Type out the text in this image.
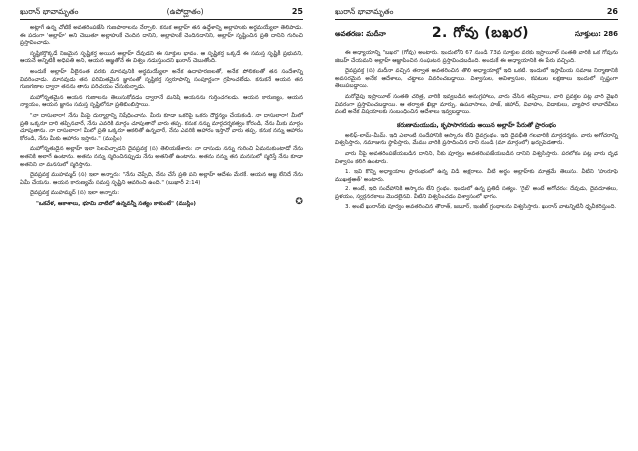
ఖురాన్ భావామృతం	(ఉపోద్ఘాతం)	25

అట్లాగే ఉన్న చోటికే అవతరింపజేసి గుణపాఠాలను నేర్పాలి. కనుక అల్లాహ్ తన ఉద్దేశాన్ని అల్లాహుకు అర్థమయ్యేలా తెలిపాడు. ఈ పదంగా 'అల్లాహ్' అని చెబుతూ అల్లాహుకే చెందిన దానిని, అల్లాహుకే చెందినదానిని, అల్లాహ్ సృష్టించిన ప్రతి దానిని గురించి ప్రస్తావించాడు.

సృష్టికర్తొక్కడే నిజమైన సృష్టికర్త అయిన అల్లాహ్ దేవుడని ఈ సూక్తుల భావం. ఆ సృష్టికర్త ఒక్కడే ఈ సమస్త సృష్టికీ ప్రభువని, ఆయనే అన్నిటికీ అధిపతి అని, ఆయన ఆజ్ఞతోనే ఈ విశ్వం నడుస్తుందని ఖురాన్ చెబుతోంది.

అందుకే అల్లాహ్ వీలైనంత వరకు మానవునికి అర్థమయ్యేలా అనేక ఉదాహరణలతో, అనేక పోలికలతో తన సందేశాన్ని వివరించాడు. మానవుడు తన పరిమితమైన జ్ఞానంతో సృష్టికర్త స్వరూపాన్ని సంపూర్ణంగా గ్రహించలేడు. కనుకనే ఆయన తన గుణగణాల ద్వారా తనను తాను పరిచయం చేసుకున్నాడు.

మహోన్నతమైన ఆయన గుణాలను తెలుసుకోవడం ద్వారానే మనిషి ఆయనను గుర్తించగలడు. ఆయన కారుణ్యం, ఆయన న్యాయం, ఆయన జ్ఞానం సమస్త సృష్టిలోనూ ప్రతిబింబిస్తాయి.

"నా దాసులారా! నేను మీపై దుర్మార్గాన్ని నిషేధించాను. మీరు కూడా ఒకరిపై ఒకరు దౌర్జన్యం చేయకండి. నా దాసులారా! మీలో ప్రతి ఒక్కరూ దారి తప్పినవారే, నేను ఎవరికి మార్గం చూపుతానో వారు తప్ప. కనుక నన్ను మార్గదర్శకత్వం కోరండి, నేను మీకు మార్గం చూపుతాను. నా దాసులారా! మీలో ప్రతి ఒక్కరూ ఆకలితో ఉన్నవారే, నేను ఎవరికి ఆహారం ఇస్తానో వారు తప్ప. కనుక నన్ను ఆహారం కోరండి, నేను మీకు ఆహారం ఇస్తాను." (ముస్లిం)

మహోన్నతుడైన అల్లాహ్ ఇలా సెలవిచ్చాడని దైవప్రవక్త (స) తెలియజేశారు: నా దాసుడు నన్ను గురించి ఏమనుకుంటాడో నేను అతనికి అలాగే ఉంటాను. అతను నన్ను స్మరించినప్పుడు నేను అతనితో ఉంటాను. అతను నన్ను తన మనసులో స్మరిస్తే నేను కూడా అతనిని నా మనసులో స్మరిస్తాను.

దైవప్రవక్త ముహమ్మద్ (స) ఇలా అన్నారు: "నేను చెప్పేది, నేను చేసే ప్రతి పని అల్లాహ్ ఆదేశం మేరకే. ఆయన ఆజ్ఞ లేనిదే నేను ఏమీ చేయను. ఆయన కారుణ్యమే సమస్త సృష్టిని ఆవరించి ఉంది." (బుఖారీ 2:14)

దైవప్రవక్త ముహమ్మద్ (స) ఇలా అన్నారు:

"ఒకవేళ, ఆకాశాలు, భూమి వాటిలో ఉన్నవన్నీ సత్యం కాకుంటే" (ముస్లిం)	✪

ఖురాన్ భావామృతం	26
అవతరణ: మదీనా	2. గోవు (బఖర)	సూక్తులు: 286

ఈ అధ్యాయాన్ని "బఖర" (గోవు) అంటారు. ఇందులోని 67 నుండి 73వ సూక్తుల వరకు ఇస్రాయీల్ సంతతి వారికి ఒక గోవును జిబహ్ చేయమని అల్లాహ్ ఆజ్ఞాపించిన సంఘటన ప్రస్తావించబడింది. అందుకే ఈ అధ్యాయానికి ఈ పేరు వచ్చింది.

దైవప్రవక్త (స) మదీనా వచ్చిన తర్వాత అవతరించిన తొలి అధ్యాయాల్లో ఇది ఒకటి. ఇందులో ఇస్లామీయ సమాజ నిర్మాణానికి అవసరమైన అనేక ఆదేశాలు, చట్టాలు వివరించబడ్డాయి. విశ్వాసుల, అవిశ్వాసుల, కపటుల లక్షణాలు ఇందులో స్పష్టంగా తెలుపబడ్డాయి.

మరోవైపు ఇస్రాయీల్ సంతతి చరిత్ర, వారికి ఇవ్వబడిన అనుగ్రహాలు, వారు చేసిన తప్పిదాలు, వారి ప్రవక్తల పట్ల వారి వైఖరి వివరంగా ప్రస్తావించబడ్డాయి. ఆ తర్వాత ఖిబ్లా మార్పు, ఉపవాసాలు, హజ్, జిహాద్, వివాహం, విడాకులు, వ్యాపార లావాదేవీలు వంటి అనేక విషయాలకు సంబంధించిన ఆదేశాలు ఇవ్వబడ్డాయి.

కరుణామయుడు, కృపాసాగరుడు అయిన అల్లాహ్ పేరుతో ప్రారంభం

అలిఫ్-లామ్-మీమ్. ఇది ఎలాంటి సందేహానికి ఆస్కారం లేని దైవగ్రంథం. ఇది దైవభీతి గలవారికి మార్గదర్శకం. వారు అగోచరాన్ని విశ్వసిస్తారు, నమాజును స్థాపిస్తారు, మేము వారికి ప్రసాదించిన దాని నుండి (మా మార్గంలో) ఖర్చుపెడతారు.

వారు నీపై అవతరింపజేయబడిన దానిని, నీకు పూర్వం అవతరింపజేయబడిన దానిని విశ్వసిస్తారు. పరలోకం పట్ల వారు దృఢ విశ్వాసం కలిగి ఉంటారు.

1. ఇవి కొన్ని అధ్యాయాల ప్రారంభంలో ఉన్న విడి అక్షరాలు. వీటి అర్థం అల్లాహ్‌కు మాత్రమే తెలుసు. వీటిని 'హురూఫె ముఖత్తఆత్' అంటారు.

2. అంటే, ఇది సందేహానికి ఆస్కారం లేని గ్రంథం. ఇందులో ఉన్న ప్రతిదీ సత్యం. 'గైబ్' అంటే అగోచరం: దేవుడు, దైవదూతలు, ప్రళయం, స్వర్గనరకాలు మొదలైనవి. వీటిని విశ్వసించడం విశ్వాసంలో భాగం.

3. అంటే ఖురాన్‌కు పూర్వం అవతరించిన తౌరాత్, జబూర్, ఇంజీల్ గ్రంథాలను విశ్వసిస్తారు. ఖురాన్ వాటన్నిటినీ ధృవీకరిస్తుంది.
